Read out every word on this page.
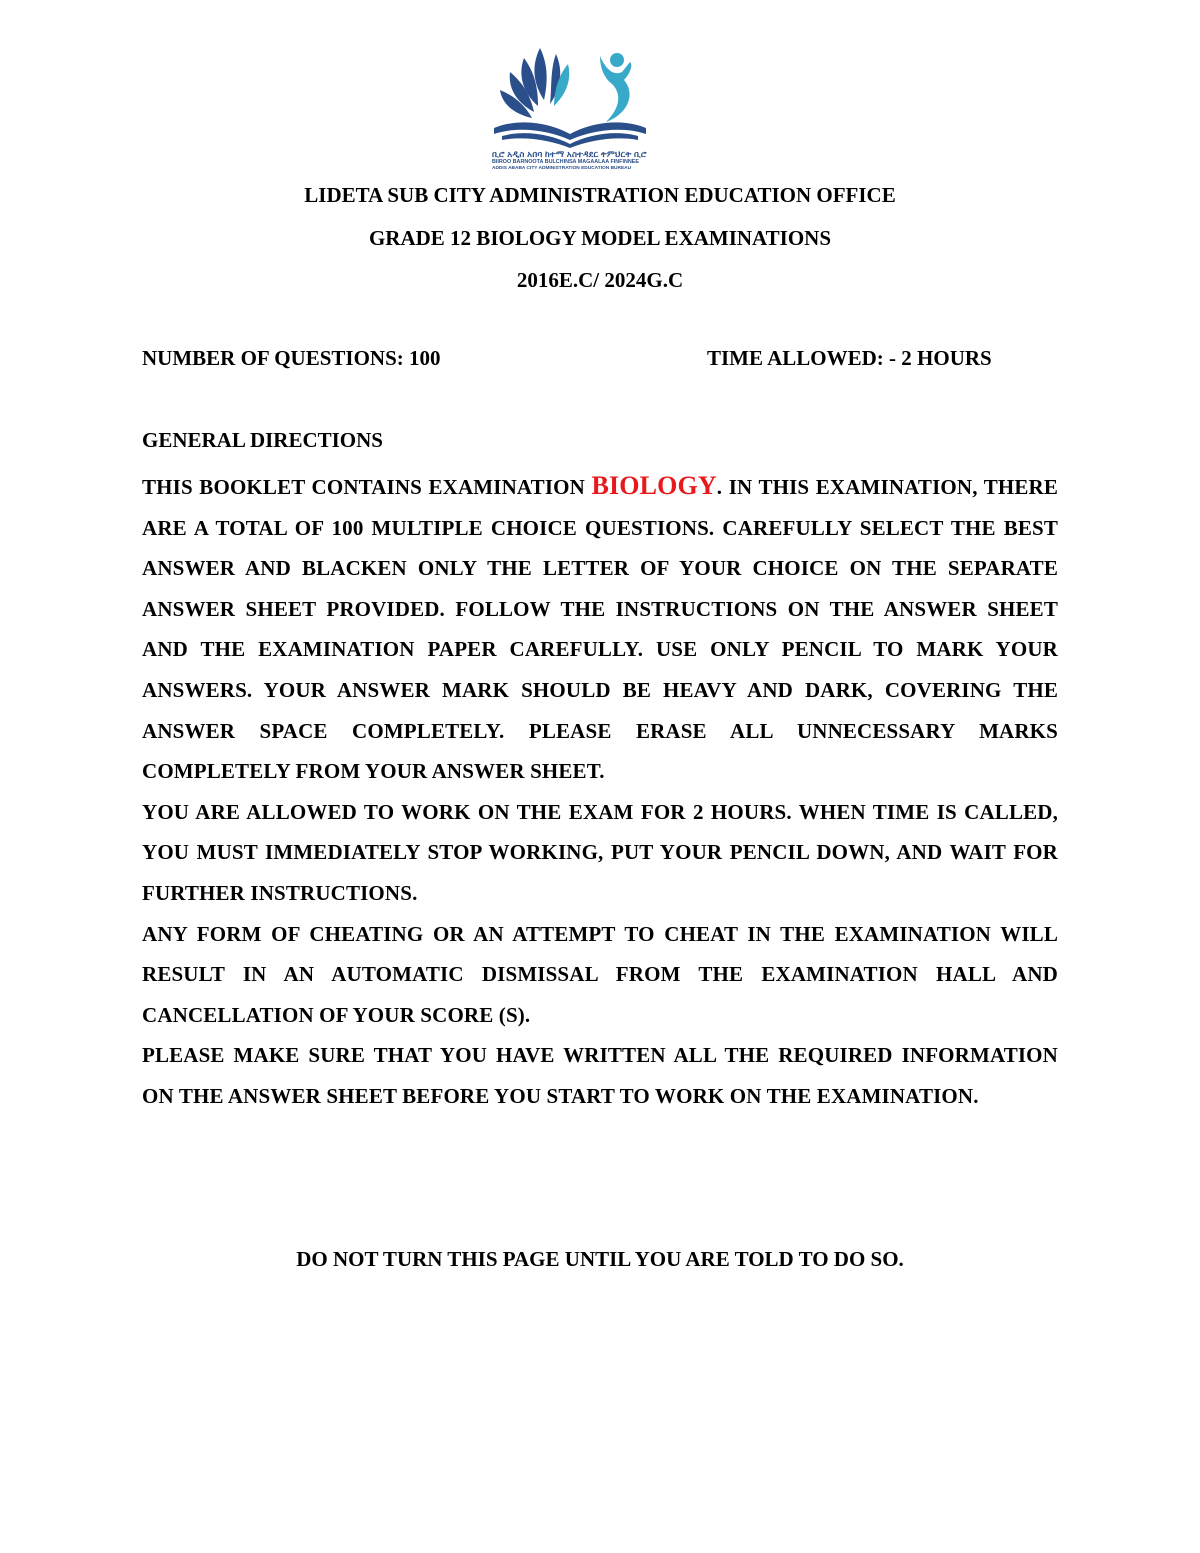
ቢሮ አዲስ አበባ ከተማ አስተዳደር ትምህርት ቢሮ
BIIROO BARNOOTA BULCHINSA MAGAALAA FINFINNEE
ADDIS ABABA CITY ADMINISTRATION EDUCATION BUREAU
LIDETA SUB CITY ADMINISTRATION EDUCATION OFFICE
GRADE 12 BIOLOGY MODEL EXAMINATIONS
2016E.C/ 2024G.C
NUMBER OF QUESTIONS: 100	TIME ALLOWED: - 2 HOURS
GENERAL DIRECTIONS

THIS BOOKLET CONTAINS EXAMINATION BIOLOGY. IN THIS EXAMINATION, THERE ARE A TOTAL OF 100 MULTIPLE CHOICE QUESTIONS. CAREFULLY SELECT THE BEST ANSWER AND BLACKEN ONLY THE LETTER OF YOUR CHOICE ON THE SEPARATE ANSWER SHEET PROVIDED. FOLLOW THE INSTRUCTIONS ON THE ANSWER SHEET AND THE EXAMINATION PAPER CAREFULLY. USE ONLY PENCIL TO MARK YOUR ANSWERS. YOUR ANSWER MARK SHOULD BE HEAVY AND DARK, COVERING THE ANSWER SPACE COMPLETELY. PLEASE ERASE ALL UNNECESSARY MARKS COMPLETELY FROM YOUR ANSWER SHEET.

YOU ARE ALLOWED TO WORK ON THE EXAM FOR 2 HOURS. WHEN TIME IS CALLED, YOU MUST IMMEDIATELY STOP WORKING, PUT YOUR PENCIL DOWN, AND WAIT FOR FURTHER INSTRUCTIONS.

ANY FORM OF CHEATING OR AN ATTEMPT TO CHEAT IN THE EXAMINATION WILL RESULT IN AN AUTOMATIC DISMISSAL FROM THE EXAMINATION HALL AND CANCELLATION OF YOUR SCORE (S).

PLEASE MAKE SURE THAT YOU HAVE WRITTEN ALL THE REQUIRED INFORMATION ON THE ANSWER SHEET BEFORE YOU START TO WORK ON THE EXAMINATION.

DO NOT TURN THIS PAGE UNTIL YOU ARE TOLD TO DO SO.
